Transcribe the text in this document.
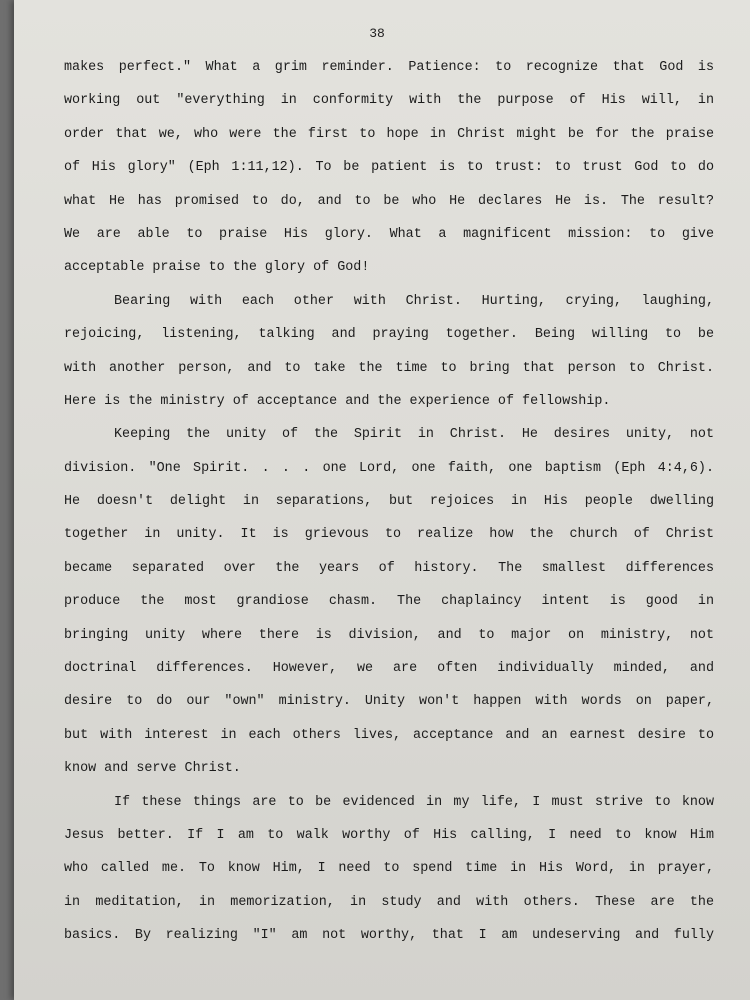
38
makes perfect." What a grim reminder. Patience: to recognize that God is
working out "everything in conformity with the purpose of His will, in
order that we, who were the first to hope in Christ might be for the praise
of His glory" (Eph 1:11,12). To be patient is to trust: to trust God to do
what He has promised to do, and to be who He declares He is. The result?
We are able to praise His glory. What a magnificent mission: to give
acceptable praise to the glory of God!
Bearing with each other with Christ. Hurting, crying, laughing,
rejoicing, listening, talking and praying together. Being willing to be
with another person, and to take the time to bring that person to Christ.
Here is the ministry of acceptance and the experience of fellowship.
Keeping the unity of the Spirit in Christ. He desires unity, not
division. "One Spirit. . . . one Lord, one faith, one baptism (Eph 4:4,6).
He doesn't delight in separations, but rejoices in His people dwelling
together in unity. It is grievous to realize how the church of Christ
became separated over the years of history. The smallest differences
produce the most grandiose chasm. The chaplaincy intent is good in
bringing unity where there is division, and to major on ministry, not
doctrinal differences. However, we are often individually minded, and
desire to do our "own" ministry. Unity won't happen with words on paper,
but with interest in each others lives, acceptance and an earnest desire to
know and serve Christ.
If these things are to be evidenced in my life, I must strive to know
Jesus better. If I am to walk worthy of His calling, I need to know Him
who called me. To know Him, I need to spend time in His Word, in prayer,
in meditation, in memorization, in study and with others. These are the
basics. By realizing "I" am not worthy, that I am undeserving and fully
